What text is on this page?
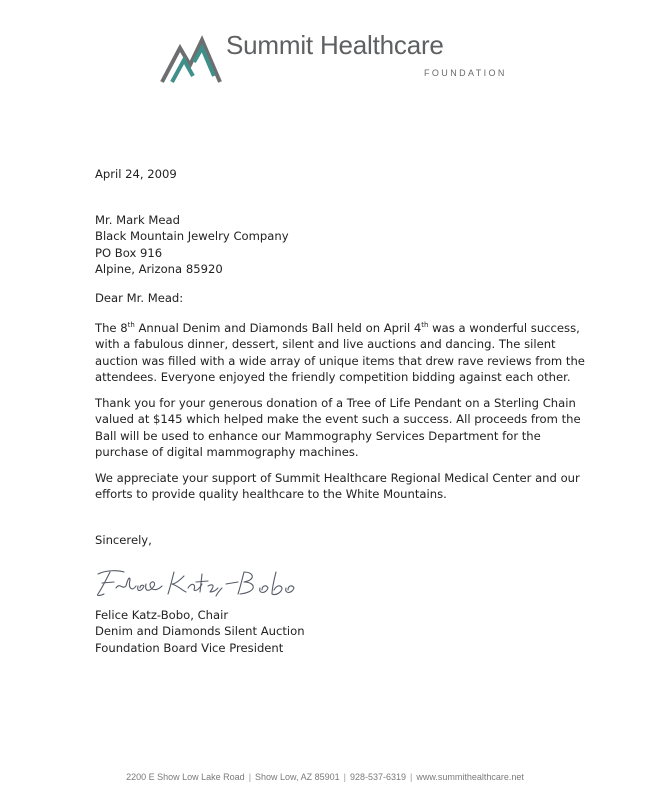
Summit Healthcare
FOUNDATION
April 24, 2009
Mr. Mark Mead
Black Mountain Jewelry Company
PO Box 916
Alpine, Arizona 85920
Dear Mr. Mead:
The 8th Annual Denim and Diamonds Ball held on April 4th was a wonderful success, with a fabulous dinner, dessert, silent and live auctions and dancing. The silent auction was filled with a wide array of unique items that drew rave reviews from the attendees. Everyone enjoyed the friendly competition bidding against each other.
Thank you for your generous donation of a Tree of Life Pendant on a Sterling Chain valued at $145 which helped make the event such a success. All proceeds from the Ball will be used to enhance our Mammography Services Department for the purchase of digital mammography machines.
We appreciate your support of Summit Healthcare Regional Medical Center and our efforts to provide quality healthcare to the White Mountains.
Sincerely,
Felice Katz-Bobo, Chair
Denim and Diamonds Silent Auction
Foundation Board Vice President
2200 E Show Low Lake Road | Show Low, AZ 85901 | 928-537-6319 | www.summithealthcare.net
